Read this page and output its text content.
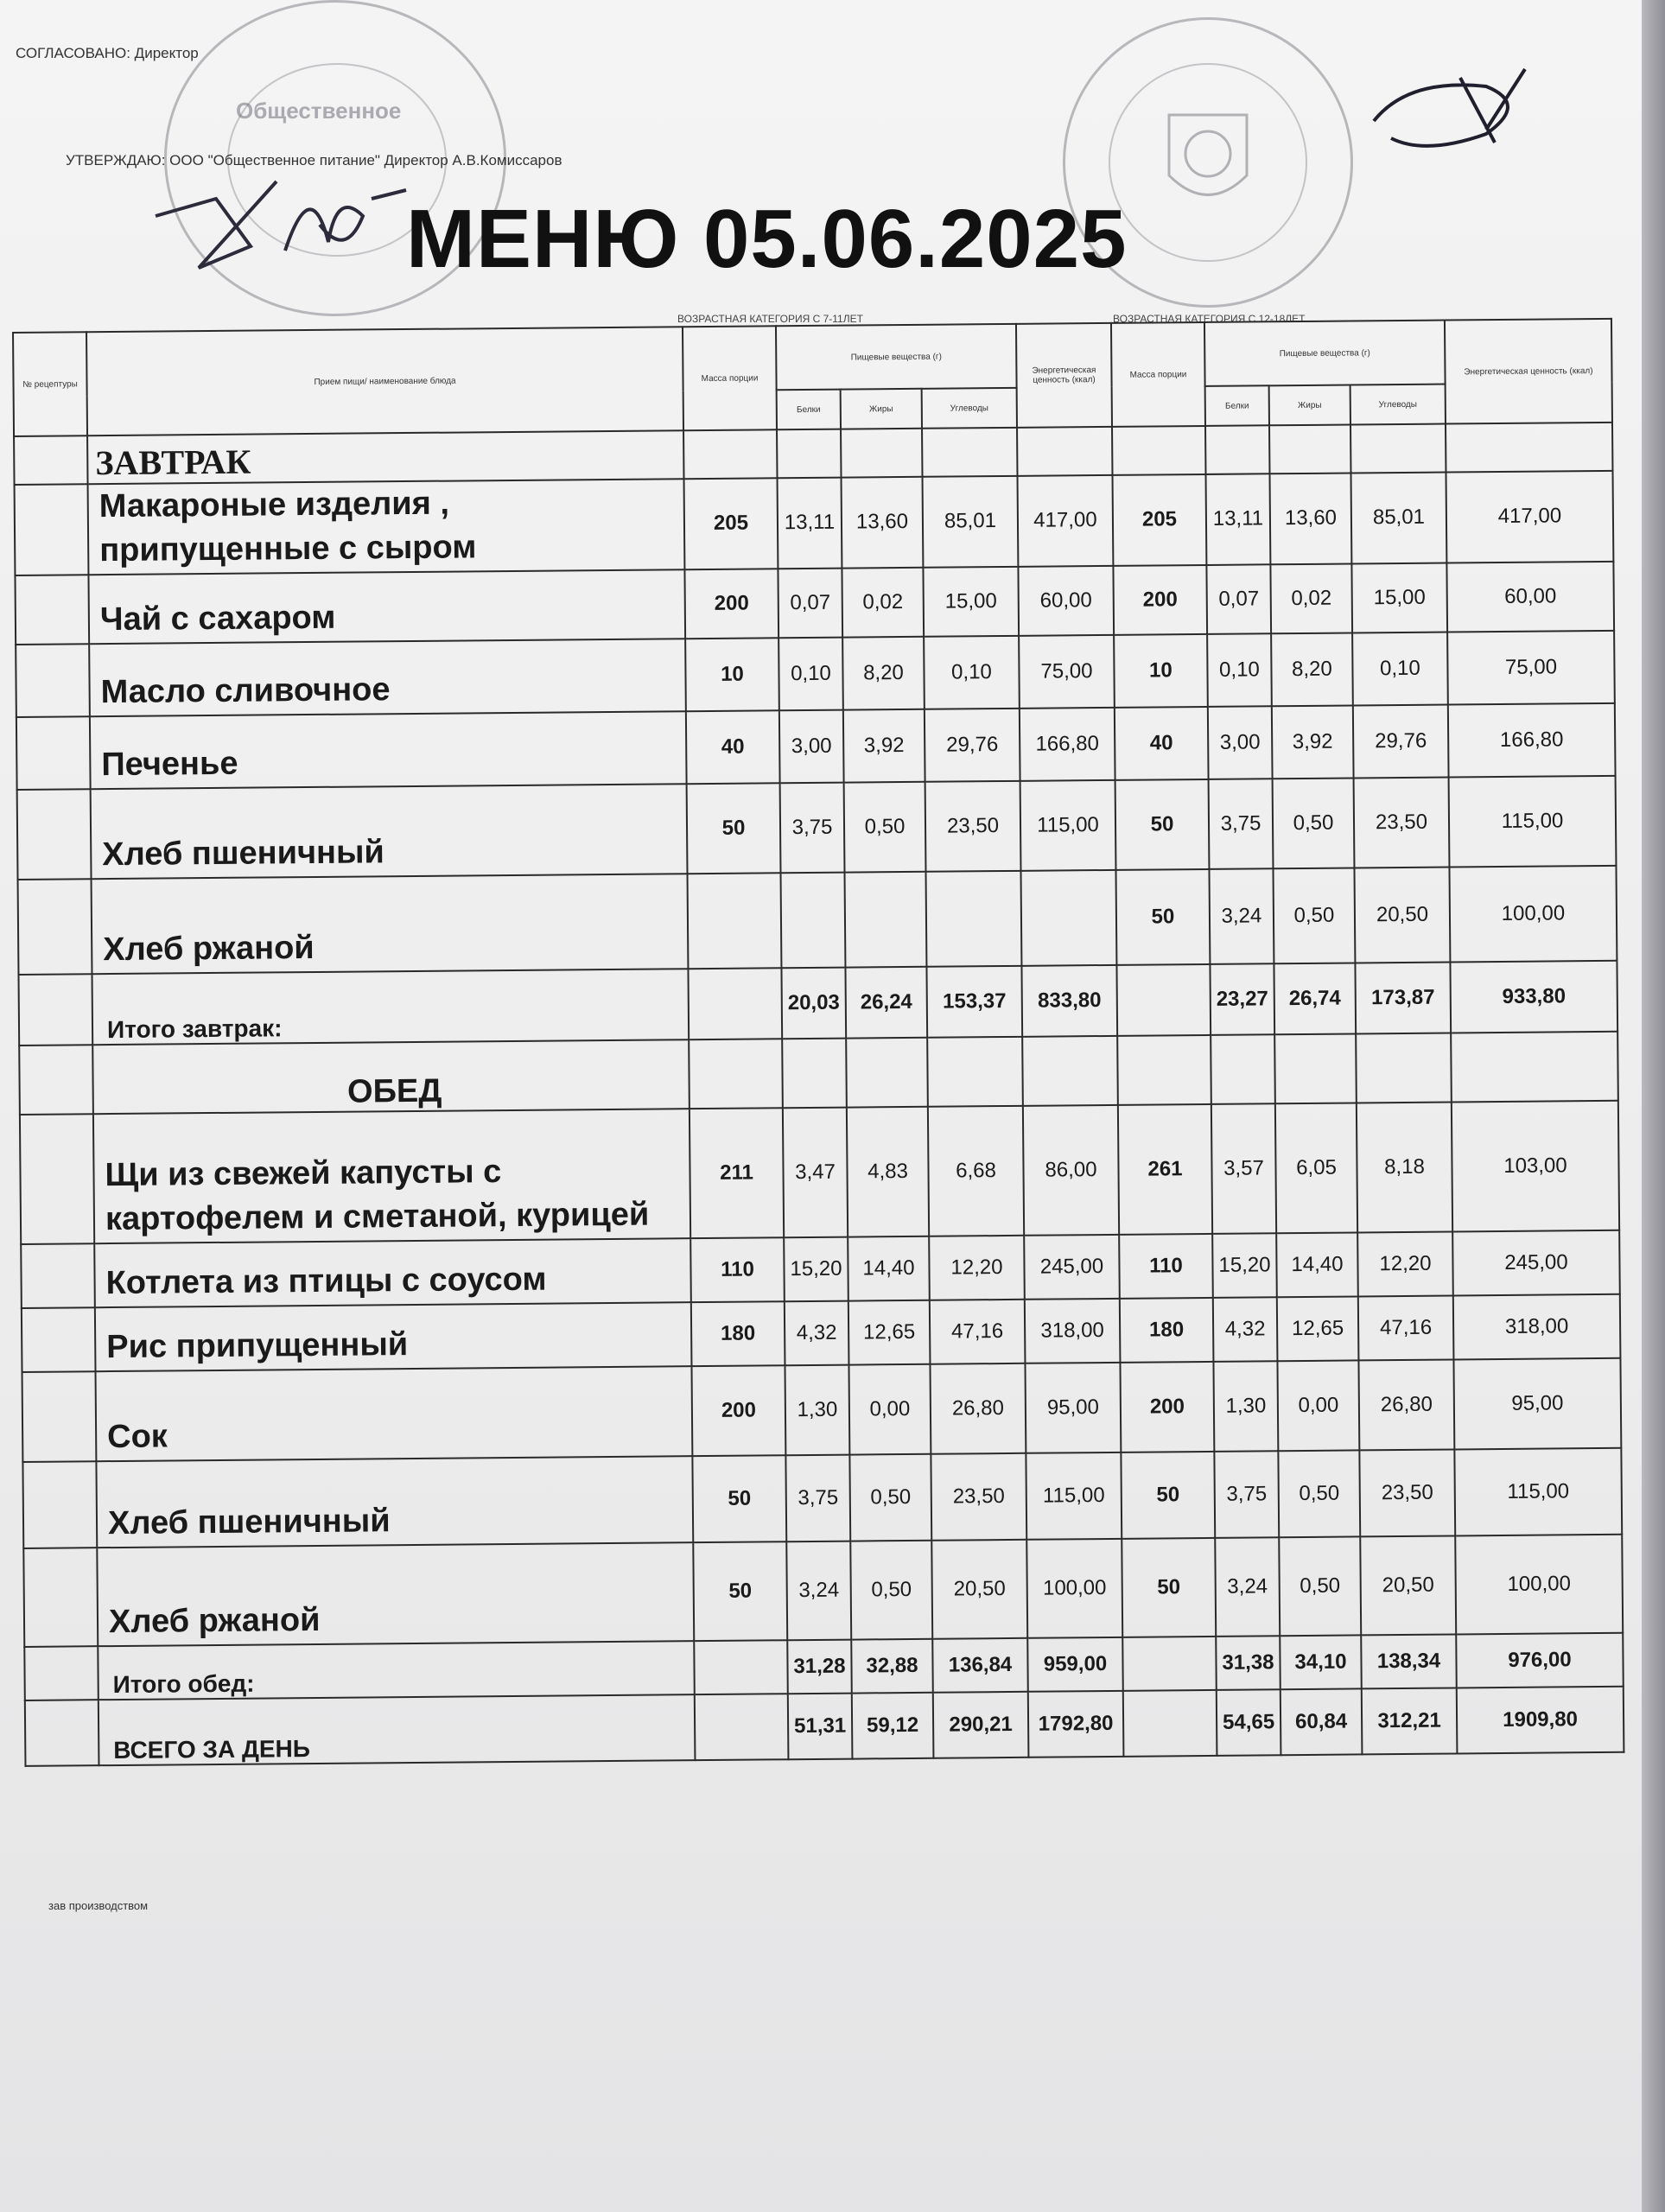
Общественное
СОГЛАСОВАНО: Директор
УТВЕРЖДАЮ: ООО "Общественное питание" Директор А.В.Комиссаров
МЕНЮ 05.06.2025
ВОЗРАСТНАЯ КАТЕГОРИЯ С 7-11ЛЕТ	ВОЗРАСТНАЯ КАТЕГОРИЯ С 12-18ЛЕТ
№ рецептуры	Прием пищи/ наименование блюда	Масса порции	Пищевые вещества (г)			Энергетическая ценность (ккал)	Масса порции	Пищевые вещества (г)			Энергетическая ценность (ккал)
			Белки	Жиры	Углеводы			Белки	Жиры	Углеводы	
	ЗАВТРАК										
	Макароные изделия , припущенные с сыром	205	13,11	13,60	85,01	417,00	205	13,11	13,60	85,01	417,00
	Чай с сахаром	200	0,07	0,02	15,00	60,00	200	0,07	0,02	15,00	60,00
	Масло сливочное	10	0,10	8,20	0,10	75,00	10	0,10	8,20	0,10	75,00
	Печенье	40	3,00	3,92	29,76	166,80	40	3,00	3,92	29,76	166,80
	Хлеб пшеничный	50	3,75	0,50	23,50	115,00	50	3,75	0,50	23,50	115,00
	Хлеб ржаной						50	3,24	0,50	20,50	100,00
	Итого завтрак:		20,03	26,24	153,37	833,80		23,27	26,74	173,87	933,80
	ОБЕД										
	Щи из свежей капусты с картофелем и сметаной, курицей	211	3,47	4,83	6,68	86,00	261	3,57	6,05	8,18	103,00
	Котлета из птицы с соусом	110	15,20	14,40	12,20	245,00	110	15,20	14,40	12,20	245,00
	Рис припущенный	180	4,32	12,65	47,16	318,00	180	4,32	12,65	47,16	318,00
	Сок	200	1,30	0,00	26,80	95,00	200	1,30	0,00	26,80	95,00
	Хлеб пшеничный	50	3,75	0,50	23,50	115,00	50	3,75	0,50	23,50	115,00
	Хлеб ржаной	50	3,24	0,50	20,50	100,00	50	3,24	0,50	20,50	100,00
	Итого обед:		31,28	32,88	136,84	959,00		31,38	34,10	138,34	976,00
	ВСЕГО ЗА ДЕНЬ		51,31	59,12	290,21	1792,80		54,65	60,84	312,21	1909,80
зав производством
